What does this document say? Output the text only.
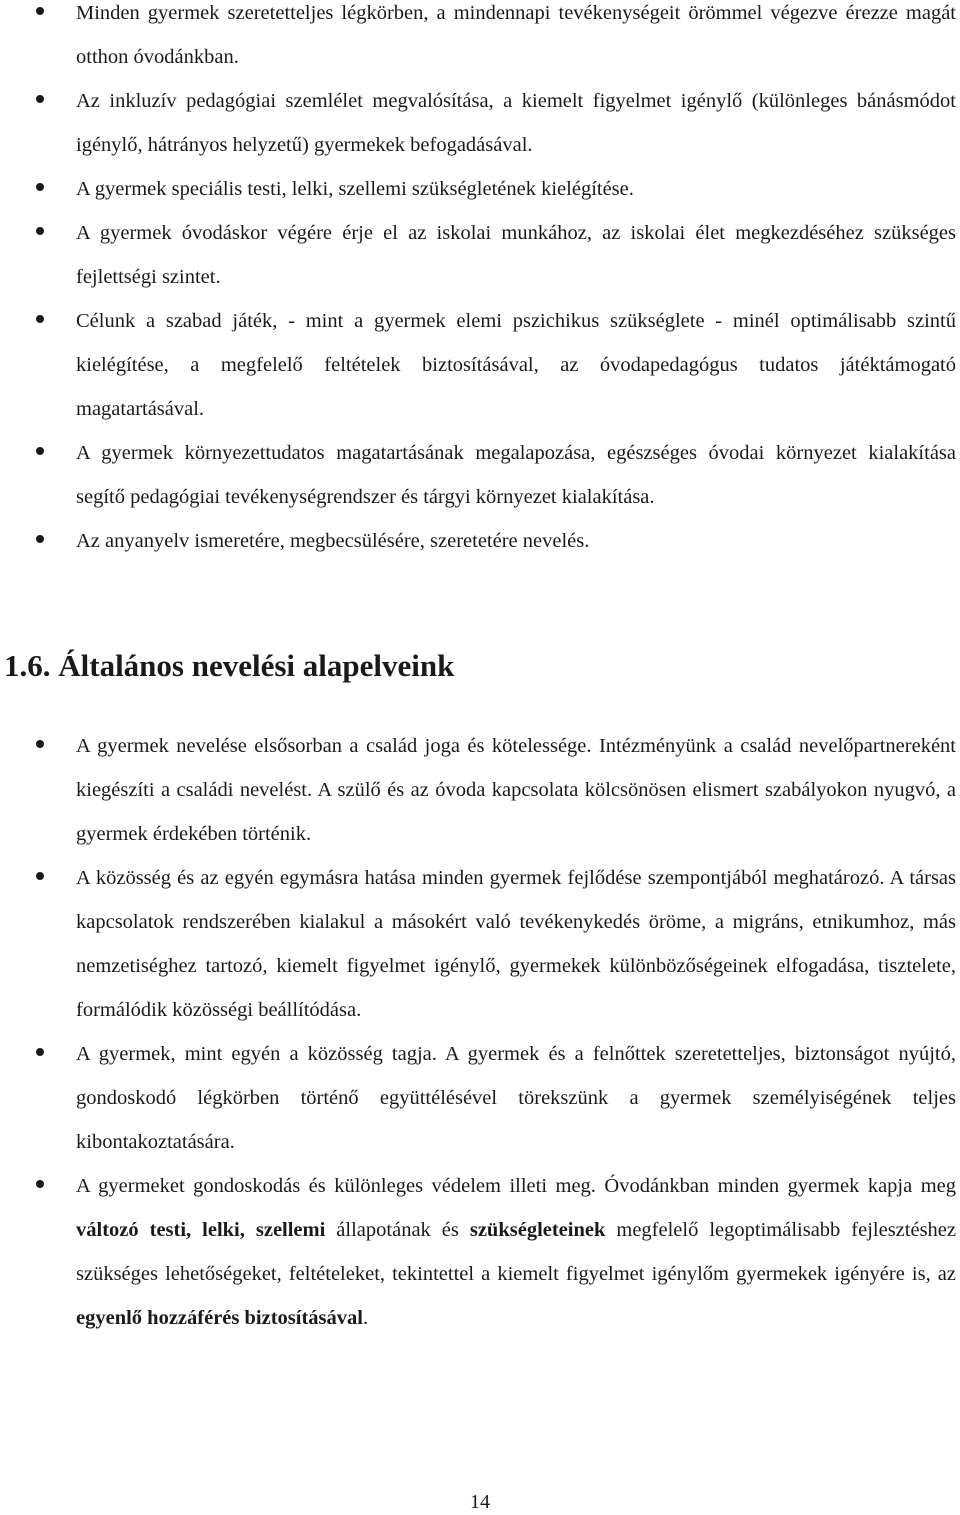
Minden gyermek szeretetteljes légkörben, a mindennapi tevékenységeit örömmel végezve érezze magát otthon óvodánkban.
Az inkluzív pedagógiai szemlélet megvalósítása, a kiemelt figyelmet igénylő (különleges bánásmódot igénylő, hátrányos helyzetű) gyermekek befogadásával.
A gyermek speciális testi, lelki, szellemi szükségletének kielégítése.
A gyermek óvodáskor végére érje el az iskolai munkához, az iskolai élet megkezdéséhez szükséges fejlettségi szintet.
Célunk a szabad játék, - mint a gyermek elemi pszichikus szükséglete - minél optimálisabb szintű kielégítése, a megfelelő feltételek biztosításával, az óvodapedagógus tudatos játéktámogató magatartásával.
A gyermek környezettudatos magatartásának megalapozása, egészséges óvodai környezet kialakítása segítő pedagógiai tevékenységrendszer és tárgyi környezet kialakítása.
Az anyanyelv ismeretére, megbecsülésére, szeretetére nevelés.
1.6. Általános nevelési alapelveink
A gyermek nevelése elsősorban a család joga és kötelessége. Intézményünk a család nevelőpartnereként kiegészíti a családi nevelést. A szülő és az óvoda kapcsolata kölcsönösen elismert szabályokon nyugvó, a gyermek érdekében történik.
A közösség és az egyén egymásra hatása minden gyermek fejlődése szempontjából meghatározó. A társas kapcsolatok rendszerében kialakul a másokért való tevékenykedés öröme, a migráns, etnikumhoz, más nemzetiséghez tartozó, kiemelt figyelmet igénylő, gyermekek különbözőségeinek elfogadása, tisztelete, formálódik közösségi beállítódása.
A gyermek, mint egyén a közösség tagja. A gyermek és a felnőttek szeretetteljes, biztonságot nyújtó, gondoskodó légkörben történő együttélésével törekszünk a gyermek személyiségének teljes kibontakoztatására.
A gyermeket gondoskodás és különleges védelem illeti meg. Óvodánkban minden gyermek kapja meg változó testi, lelki, szellemi állapotának és szükségleteinek megfelelő legoptimálisabb fejlesztéshez szükséges lehetőségeket, feltételeket, tekintettel a kiemelt figyelmet igénylőm gyermekek igényére is, az egyenlő hozzáférés biztosításával.
14
